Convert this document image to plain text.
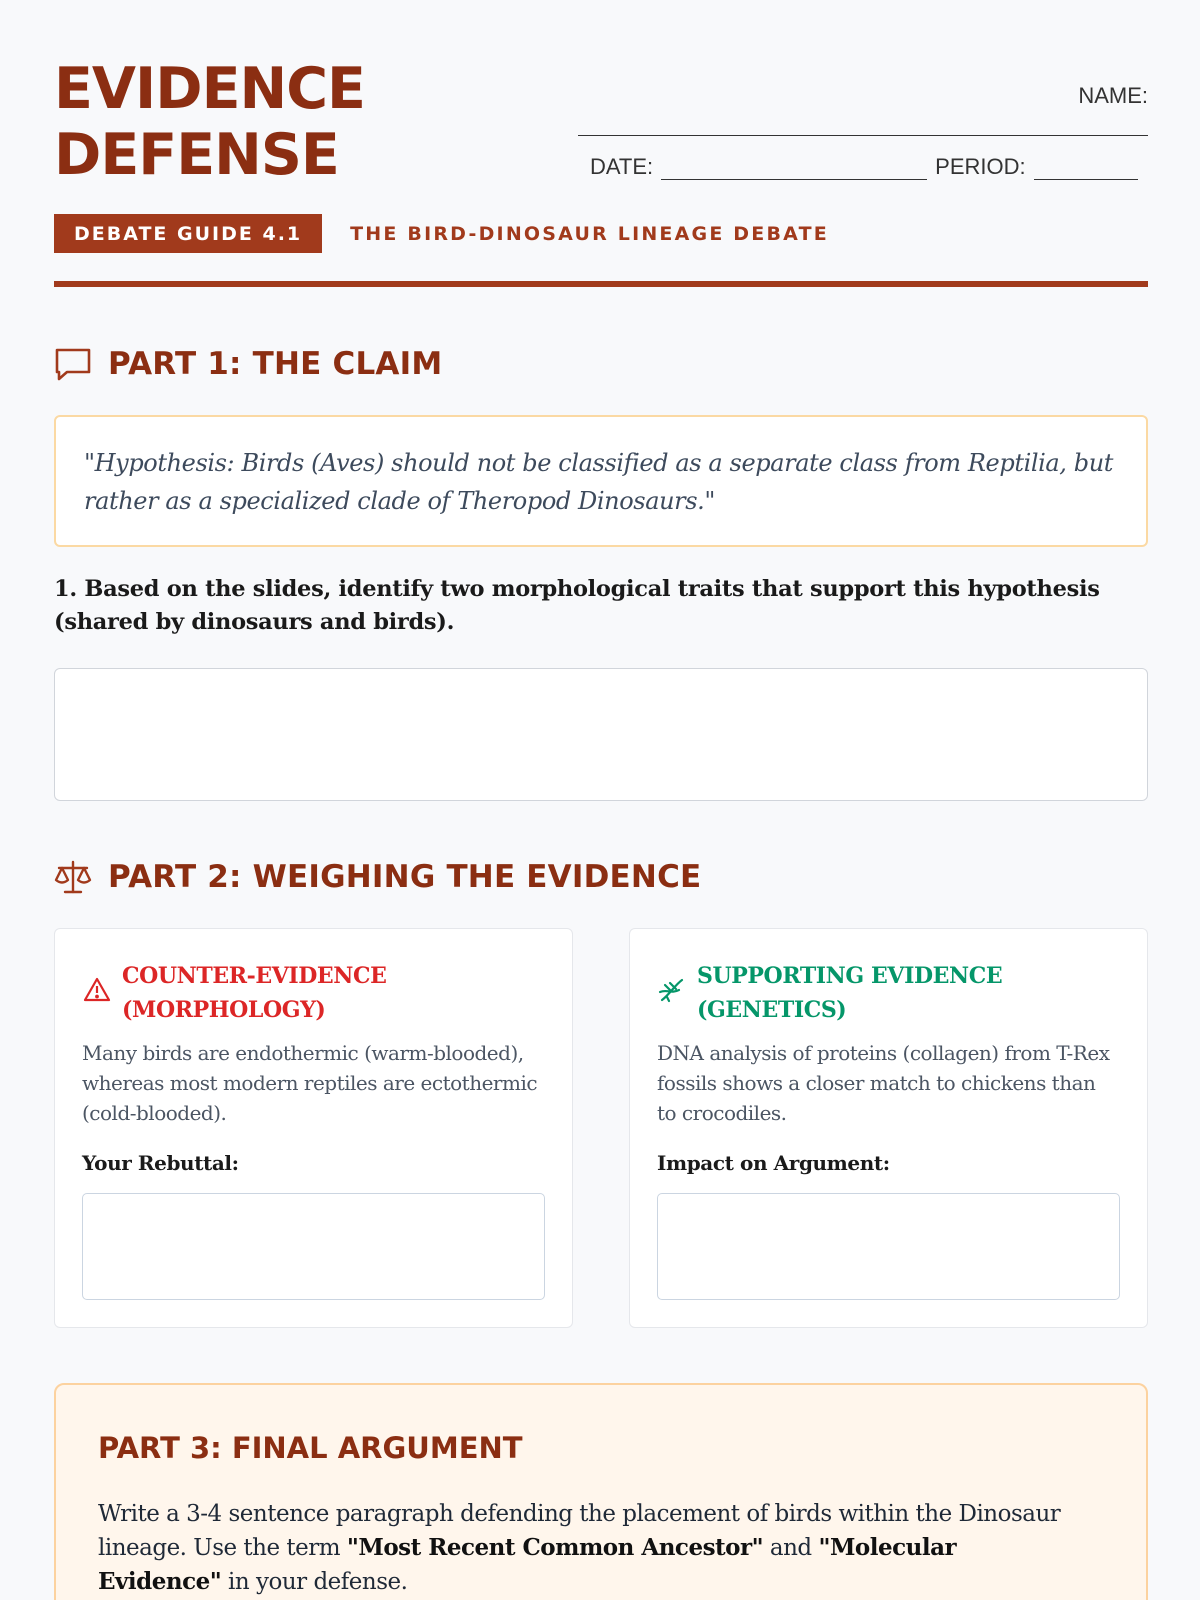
EVIDENCE
DEFENSE
NAME:
DATE:	PERIOD:
DEBATE GUIDE 4.1	THE BIRD-DINOSAUR LINEAGE DEBATE
PART 1: THE CLAIM
"Hypothesis: Birds (Aves) should not be classified as a separate class from Reptilia, but rather as a specialized clade of Theropod Dinosaurs."
1. Based on the slides, identify two morphological traits that support this hypothesis (shared by dinosaurs and birds).
PART 2: WEIGHING THE EVIDENCE
COUNTER-EVIDENCE
(MORPHOLOGY)
Many birds are endothermic (warm-blooded), whereas most modern reptiles are ectothermic (cold-blooded).
Your Rebuttal:
SUPPORTING EVIDENCE
(GENETICS)
DNA analysis of proteins (collagen) from T-Rex fossils shows a closer match to chickens than to crocodiles.
Impact on Argument:
PART 3: FINAL ARGUMENT
Write a 3-4 sentence paragraph defending the placement of birds within the Dinosaur lineage. Use the term "Most Recent Common Ancestor" and "Molecular Evidence" in your defense.
